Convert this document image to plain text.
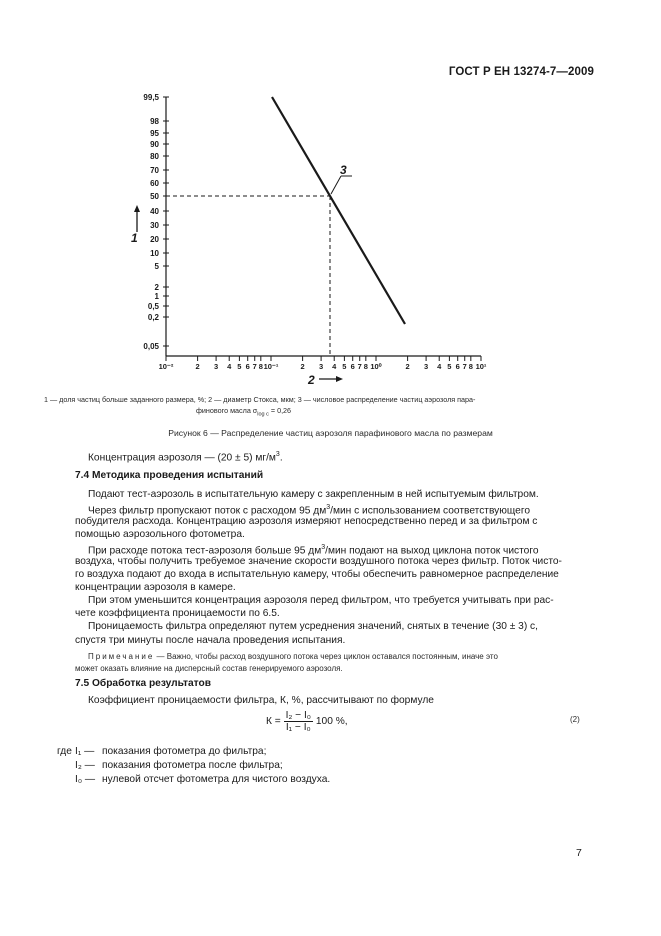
ГОСТ Р ЕН 13274-7—2009
99,5
98
95
90
80
70
60
50
40
30
20
10
5
2
1
0,5
0,2
0,05
10⁻²	2 3 4 5 6 7 8 10⁻¹	2 3 4 5 6 7 8 10⁰	2 3 4 5 6 7 8 10¹
3
1
2
1 — доля частиц больше заданного размера, %; 2 — диаметр Стокса, мкм; 3 — числовое распределение частиц аэрозоля пара-
финового масла $\sigma_{log c} = 0,26$
Рисунок 6 — Распределение частиц аэрозоля парафинового масла по размерам
Концентрация аэрозоля — (20 ± 5) $мг/м^3$.
7.4 Методика проведения испытаний
Подают тест-аэрозоль в испытательную камеру с закрепленным в ней испытуемым фильтром.
Через фильтр пропускают поток с расходом 95 $дм^3$/мин с использованием соответствующего
побудителя расхода. Концентрацию аэрозоля измеряют непосредственно перед и за фильтром с
помощью аэрозольного фотометра.
При расходе потока тест-аэрозоля больше 95 $дм^3$/мин подают на выход циклона поток чистого
воздуха, чтобы получить требуемое значение скорости воздушного потока через фильтр. Поток чисто-
го воздуха подают до входа в испытательную камеру, чтобы обеспечить равномерное распределение
концентрации аэрозоля в камере.
При этом уменьшится концентрация аэрозоля перед фильтром, что требуется учитывать при рас-
чете коэффициента проницаемости по 6.5.
Проницаемость фильтра определяют путем усреднения значений, снятых в течение (30 ± 3) с,
спустя три минуты после начала проведения испытания.
Примечание — Важно, чтобы расход воздушного потока через циклон оставался постоянным, иначе это
может оказать влияние на дисперсный состав генерируемого аэрозоля.
7.5 Обработка результатов
Коэффициент проницаемости фильтра, К, %, рассчитывают по формуле
$К = \frac{\text{I₂ − I₀}}{\text{I₁ − I₀}} 100$ %,	(2)
где I₁ — показания фотометра до фильтра;
I₂ — показания фотометра после фильтра;
I₀ — нулевой отсчет фотометра для чистого воздуха.
7
